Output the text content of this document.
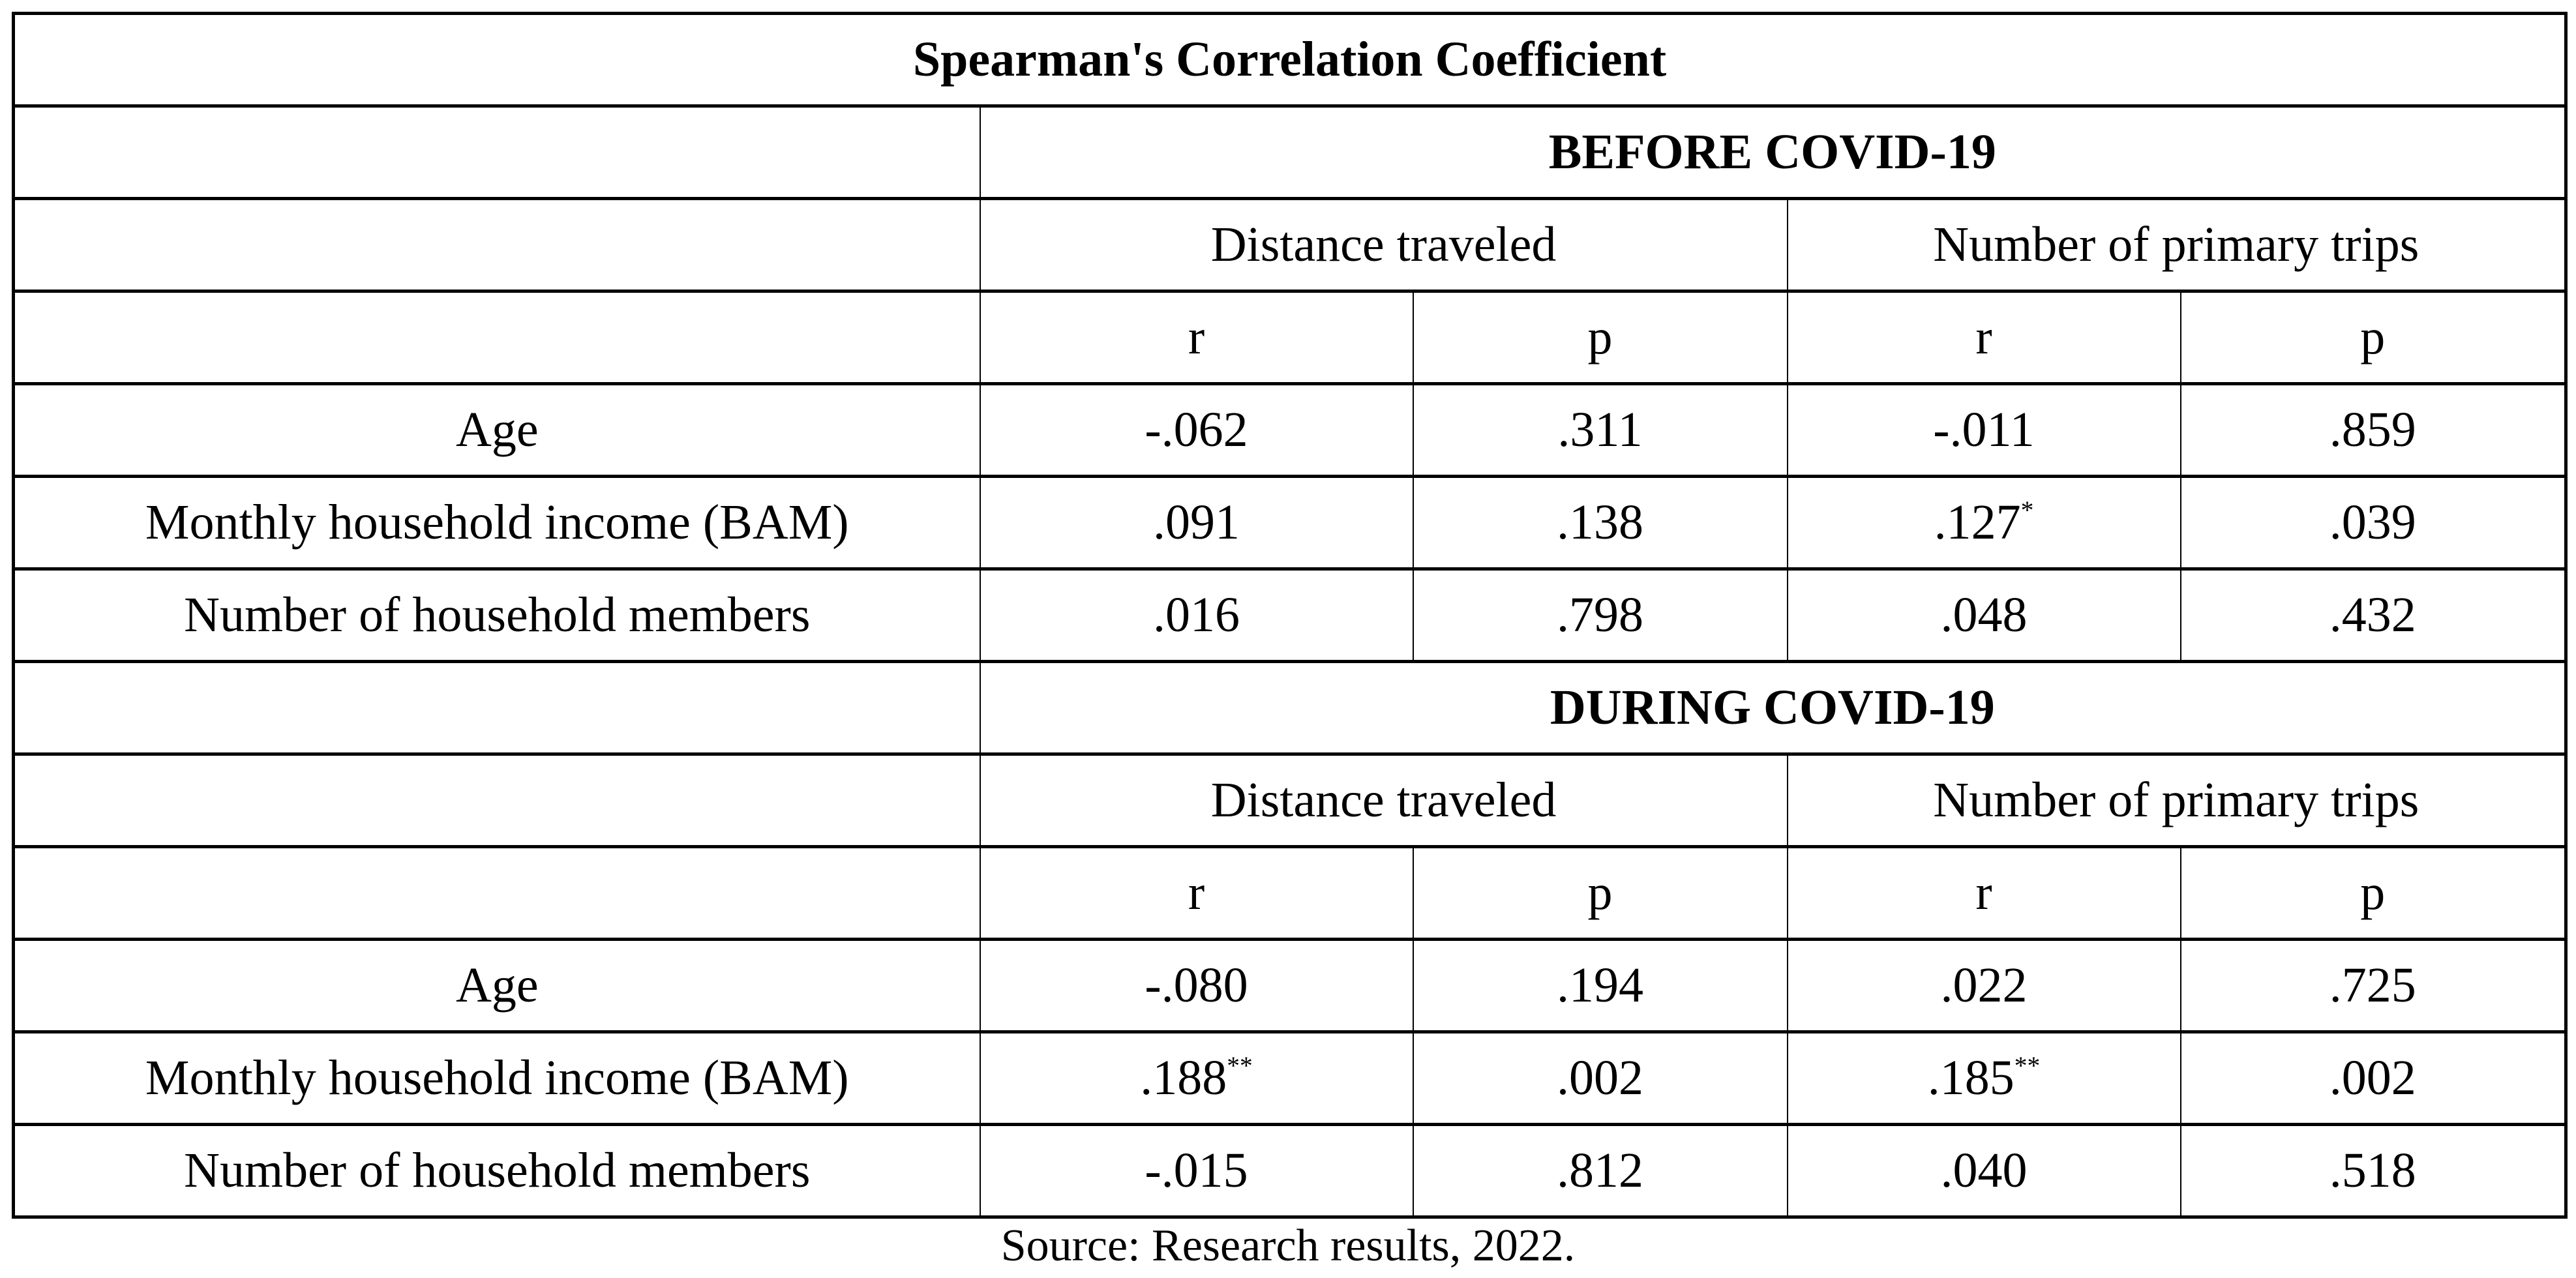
Spearman's Correlation Coefficient				
	BEFORE COVID-19			
	Distance traveled		Number of primary trips	
	r	p	r	p
Age	-.062	.311	-.011	.859
Monthly household income (BAM)	.091	.138	.127*	.039
Number of household members	.016	.798	.048	.432
	DURING COVID-19			
	Distance traveled		Number of primary trips	
	r	p	r	p
Age	-.080	.194	.022	.725
Monthly household income (BAM)	.188**	.002	.185**	.002
Number of household members	-.015	.812	.040	.518
Source: Research results, 2022.
